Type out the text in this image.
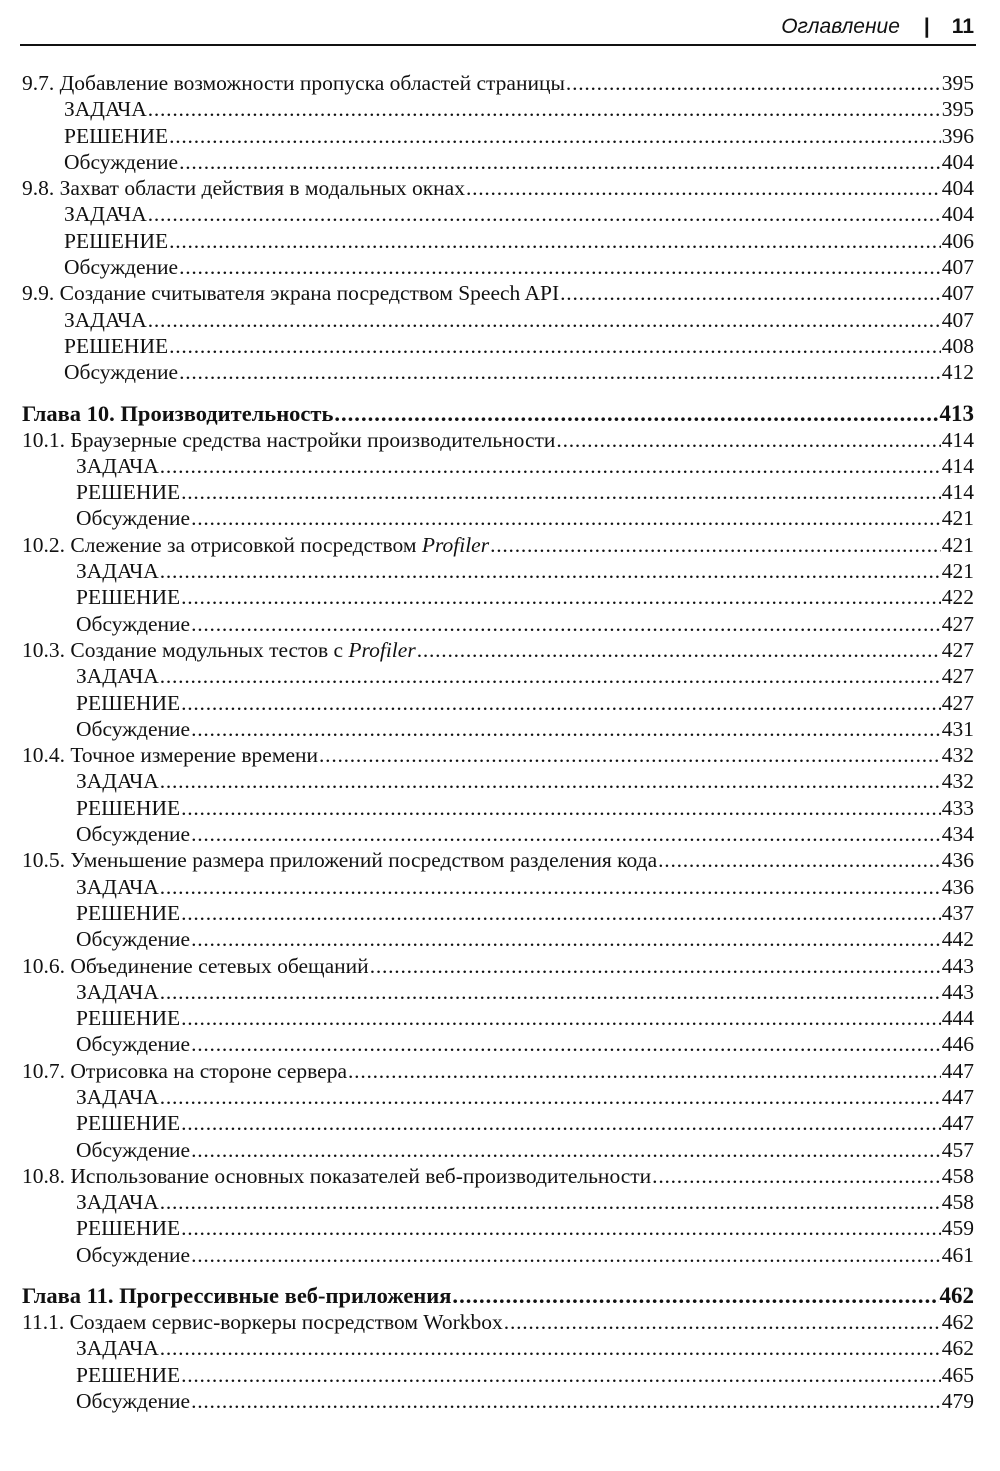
Оглавление | 11
9.7. Добавление возможности пропуска областей страницы . . .	395
ЗАДАЧА . . .	395
РЕШЕНИЕ . . .	396
Обсуждение . . .	404
9.8. Захват области действия в модальных окнах . . .	404
ЗАДАЧА . . .	404
РЕШЕНИЕ . . .	406
Обсуждение . . .	407
9.9. Создание считывателя экрана посредством Speech API . . .	407
ЗАДАЧА . . .	407
РЕШЕНИЕ . . .	408
Обсуждение . . .	412
Глава 10. Производительность . . .	413
10.1. Браузерные средства настройки производительности . . .	414
ЗАДАЧА . . .	414
РЕШЕНИЕ . . .	414
Обсуждение . . .	421
10.2. Слежение за отрисовкой посредством Profiler . . .	421
ЗАДАЧА . . .	421
РЕШЕНИЕ . . .	422
Обсуждение . . .	427
10.3. Создание модульных тестов с Profiler . . .	427
ЗАДАЧА . . .	427
РЕШЕНИЕ . . .	427
Обсуждение . . .	431
10.4. Точное измерение времени . . .	432
ЗАДАЧА . . .	432
РЕШЕНИЕ . . .	433
Обсуждение . . .	434
10.5. Уменьшение размера приложений посредством разделения кода . . .	436
ЗАДАЧА . . .	436
РЕШЕНИЕ . . .	437
Обсуждение . . .	442
10.6. Объединение сетевых обещаний . . .	443
ЗАДАЧА . . .	443
РЕШЕНИЕ . . .	444
Обсуждение . . .	446
10.7. Отрисовка на стороне сервера . . .	447
ЗАДАЧА . . .	447
РЕШЕНИЕ . . .	447
Обсуждение . . .	457
10.8. Использование основных показателей веб-производительности . . .	458
ЗАДАЧА . . .	458
РЕШЕНИЕ . . .	459
Обсуждение . . .	461
Глава 11. Прогрессивные веб-приложения . . .	462
11.1. Создаем сервис-воркеры посредством Workbox . . .	462
ЗАДАЧА . . .	462
РЕШЕНИЕ . . .	465
Обсуждение . . .	479
